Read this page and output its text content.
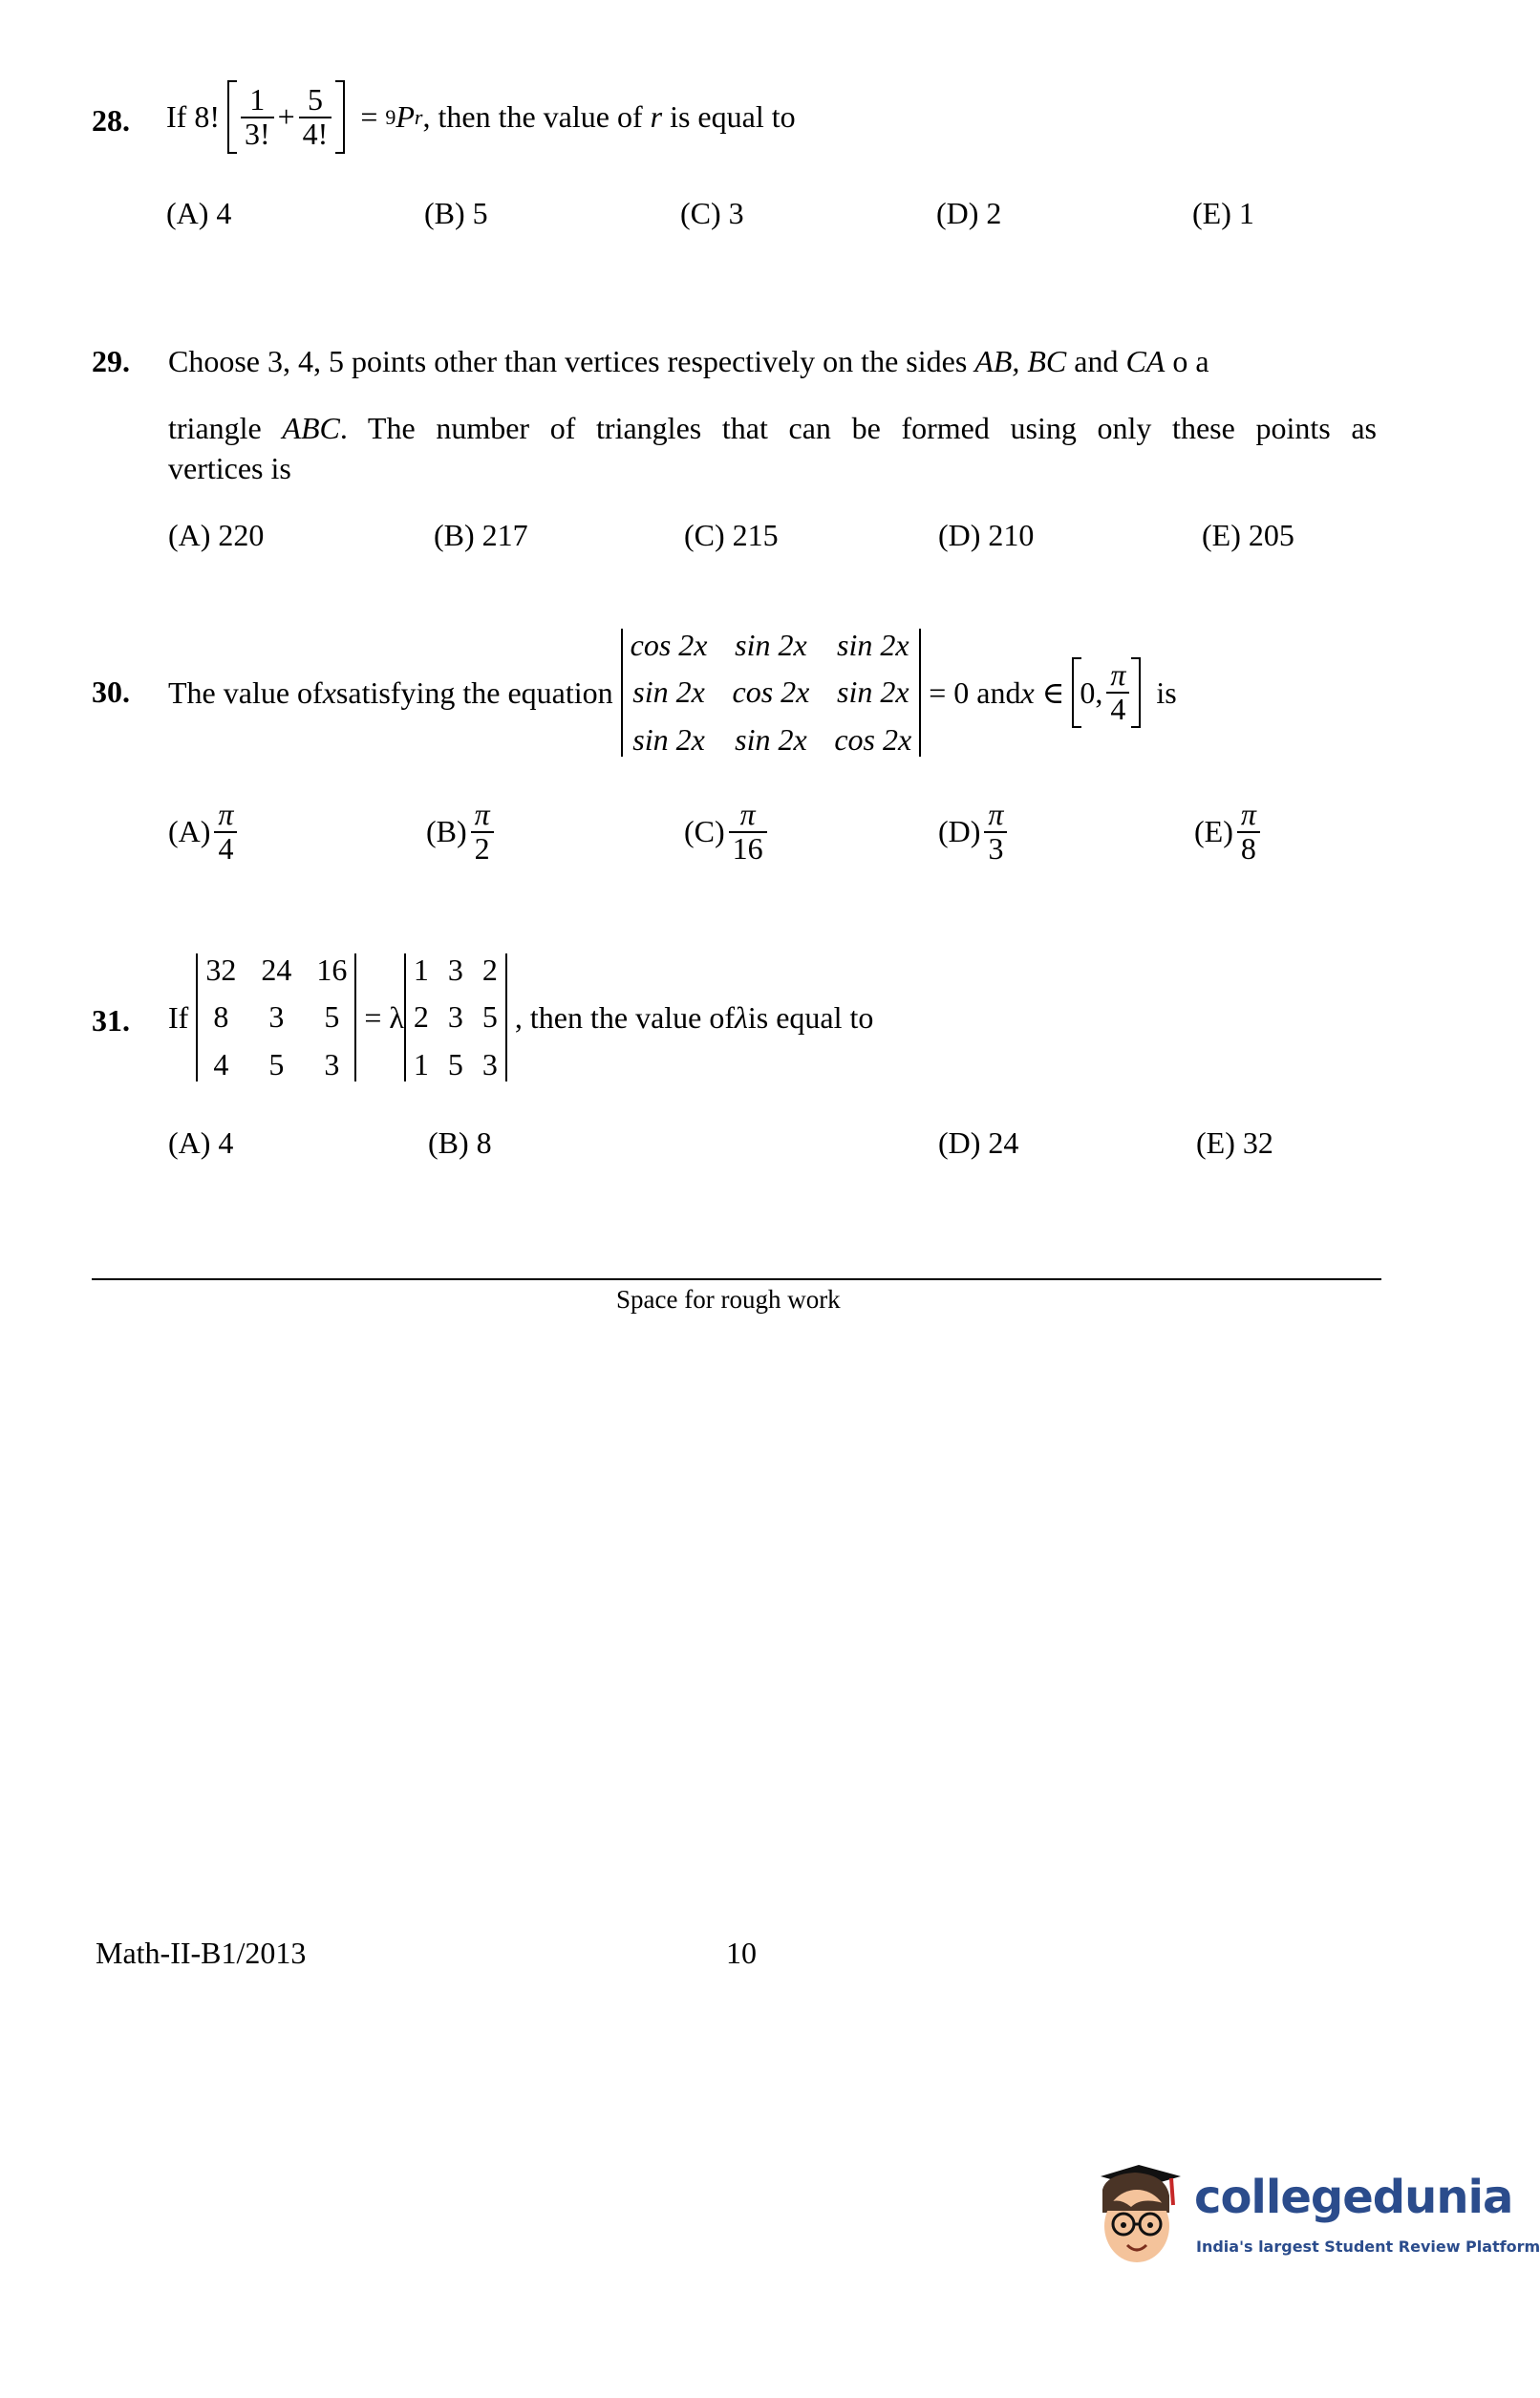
28. If
8!
$\frac{1}{3!} + \frac{5}{4!}$
=
9 P r , then the value of
r
is equal to
(A) 4	(B) 5	(C) 3	(D) 2	(E) 1
29. Choose 3, 4, 5 points other than vertices respectively on the sides AB, BC and CA o a
triangle ABC. The number of triangles that can be formed using only these points as
vertices is
(A) 220	(B) 217	(C) 215	(D) 210	(E) 205
30. The value of x satisfying the equation

cos 2x sin 2x sin 2x
sin 2x cos 2x sin 2x
sin 2x sin 2x cos 2x

= 0 and x ∈
0, $\frac{\pi}{4}$
is
$(A) \frac{\pi}{4}$	$(B) \frac{\pi}{2}$	$(C) \frac{\pi}{16}$	$(D) \frac{\pi}{3}$	$(E) \frac{\pi}{8}$
31. If

32 24 16
8 3 5
4 5 3

= λ
1 3 2
2 3 5
1 5 3

, then the value of λ is equal to
(A) 4	(B) 8	(D) 24	(E) 32
Space for rough work
Math-II-B1/2013	10
collegedunia
India's largest Student Review Platform
